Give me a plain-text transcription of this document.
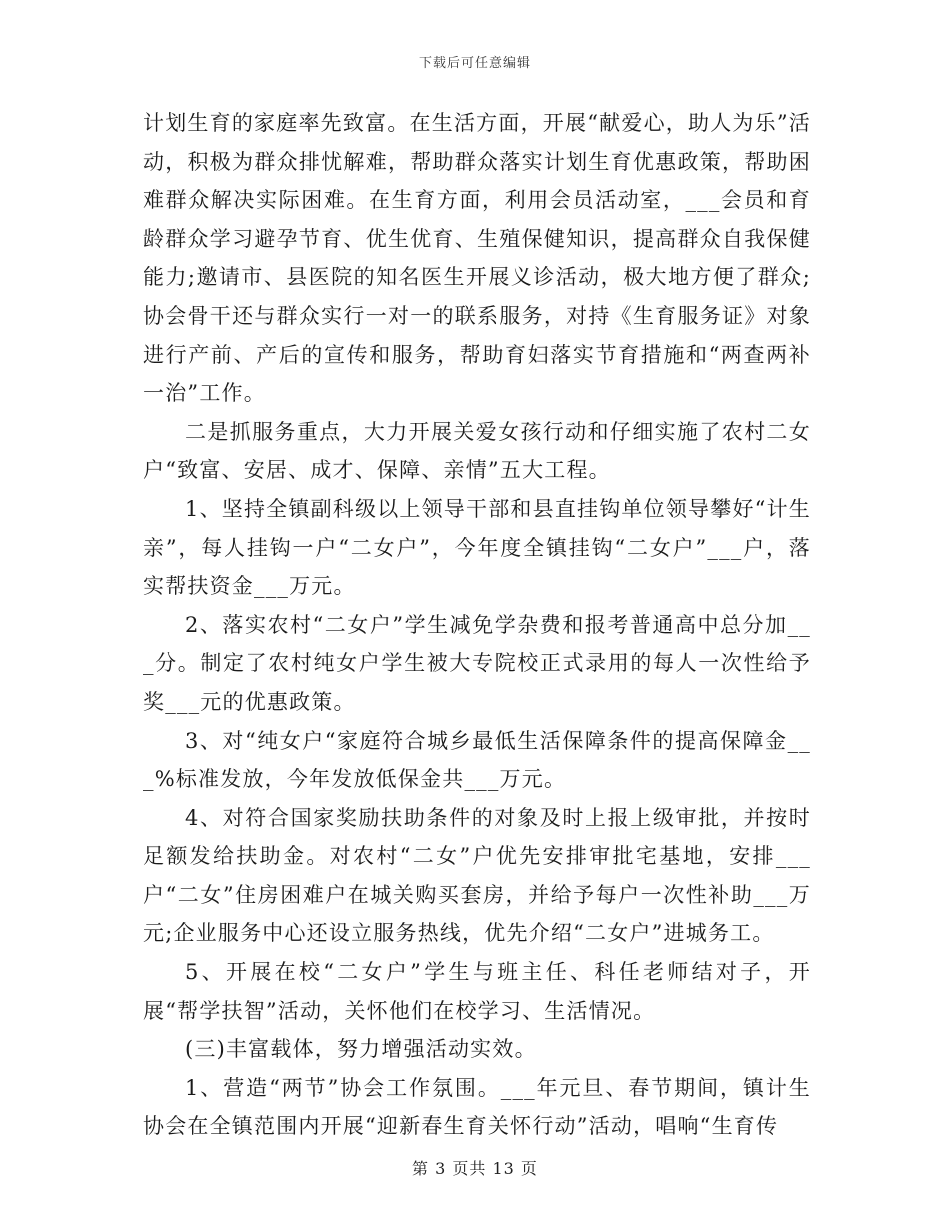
下载后可任意编辑

计划生育的家庭率先致富。在生活方面，开展“献爱心，助人为乐”活动，积极为群众排忧解难，帮助群众落实计划生育优惠政策，帮助困难群众解决实际困难。在生育方面，利用会员活动室，___会员和育龄群众学习避孕节育、优生优育、生殖保健知识，提高群众自我保健能力;邀请市、县医院的知名医生开展义诊活动，极大地方便了群众;协会骨干还与群众实行一对一的联系服务，对持《生育服务证》对象进行产前、产后的宣传和服务，帮助育妇落实节育措施和“两查两补一治”工作。

二是抓服务重点，大力开展关爱女孩行动和仔细实施了农村二女户“致富、安居、成才、保障、亲情”五大工程。

1、坚持全镇副科级以上领导干部和县直挂钩单位领导攀好“计生亲”，每人挂钩一户“二女户”，今年度全镇挂钩“二女户”___户，落实帮扶资金___万元。

2、落实农村“二女户”学生减免学杂费和报考普通高中总分加___分。制定了农村纯女户学生被大专院校正式录用的每人一次性给予奖___元的优惠政策。

3、对“纯女户“家庭符合城乡最低生活保障条件的提高保障金___%标准发放，今年发放低保金共___万元。

4、对符合国家奖励扶助条件的对象及时上报上级审批，并按时足额发给扶助金。对农村“二女”户优先安排审批宅基地，安排___户“二女”住房困难户在城关购买套房，并给予每户一次性补助___万元;企业服务中心还设立服务热线，优先介绍“二女户”进城务工。

5、开展在校“二女户”学生与班主任、科任老师结对子，开展“帮学扶智”活动，关怀他们在校学习、生活情况。

(三)丰富载体，努力增强活动实效。

1、营造“两节”协会工作氛围。___年元旦、春节期间，镇计生协会在全镇范围内开展“迎新春生育关怀行动”活动，唱响“生育传

第 3 页共 13 页
